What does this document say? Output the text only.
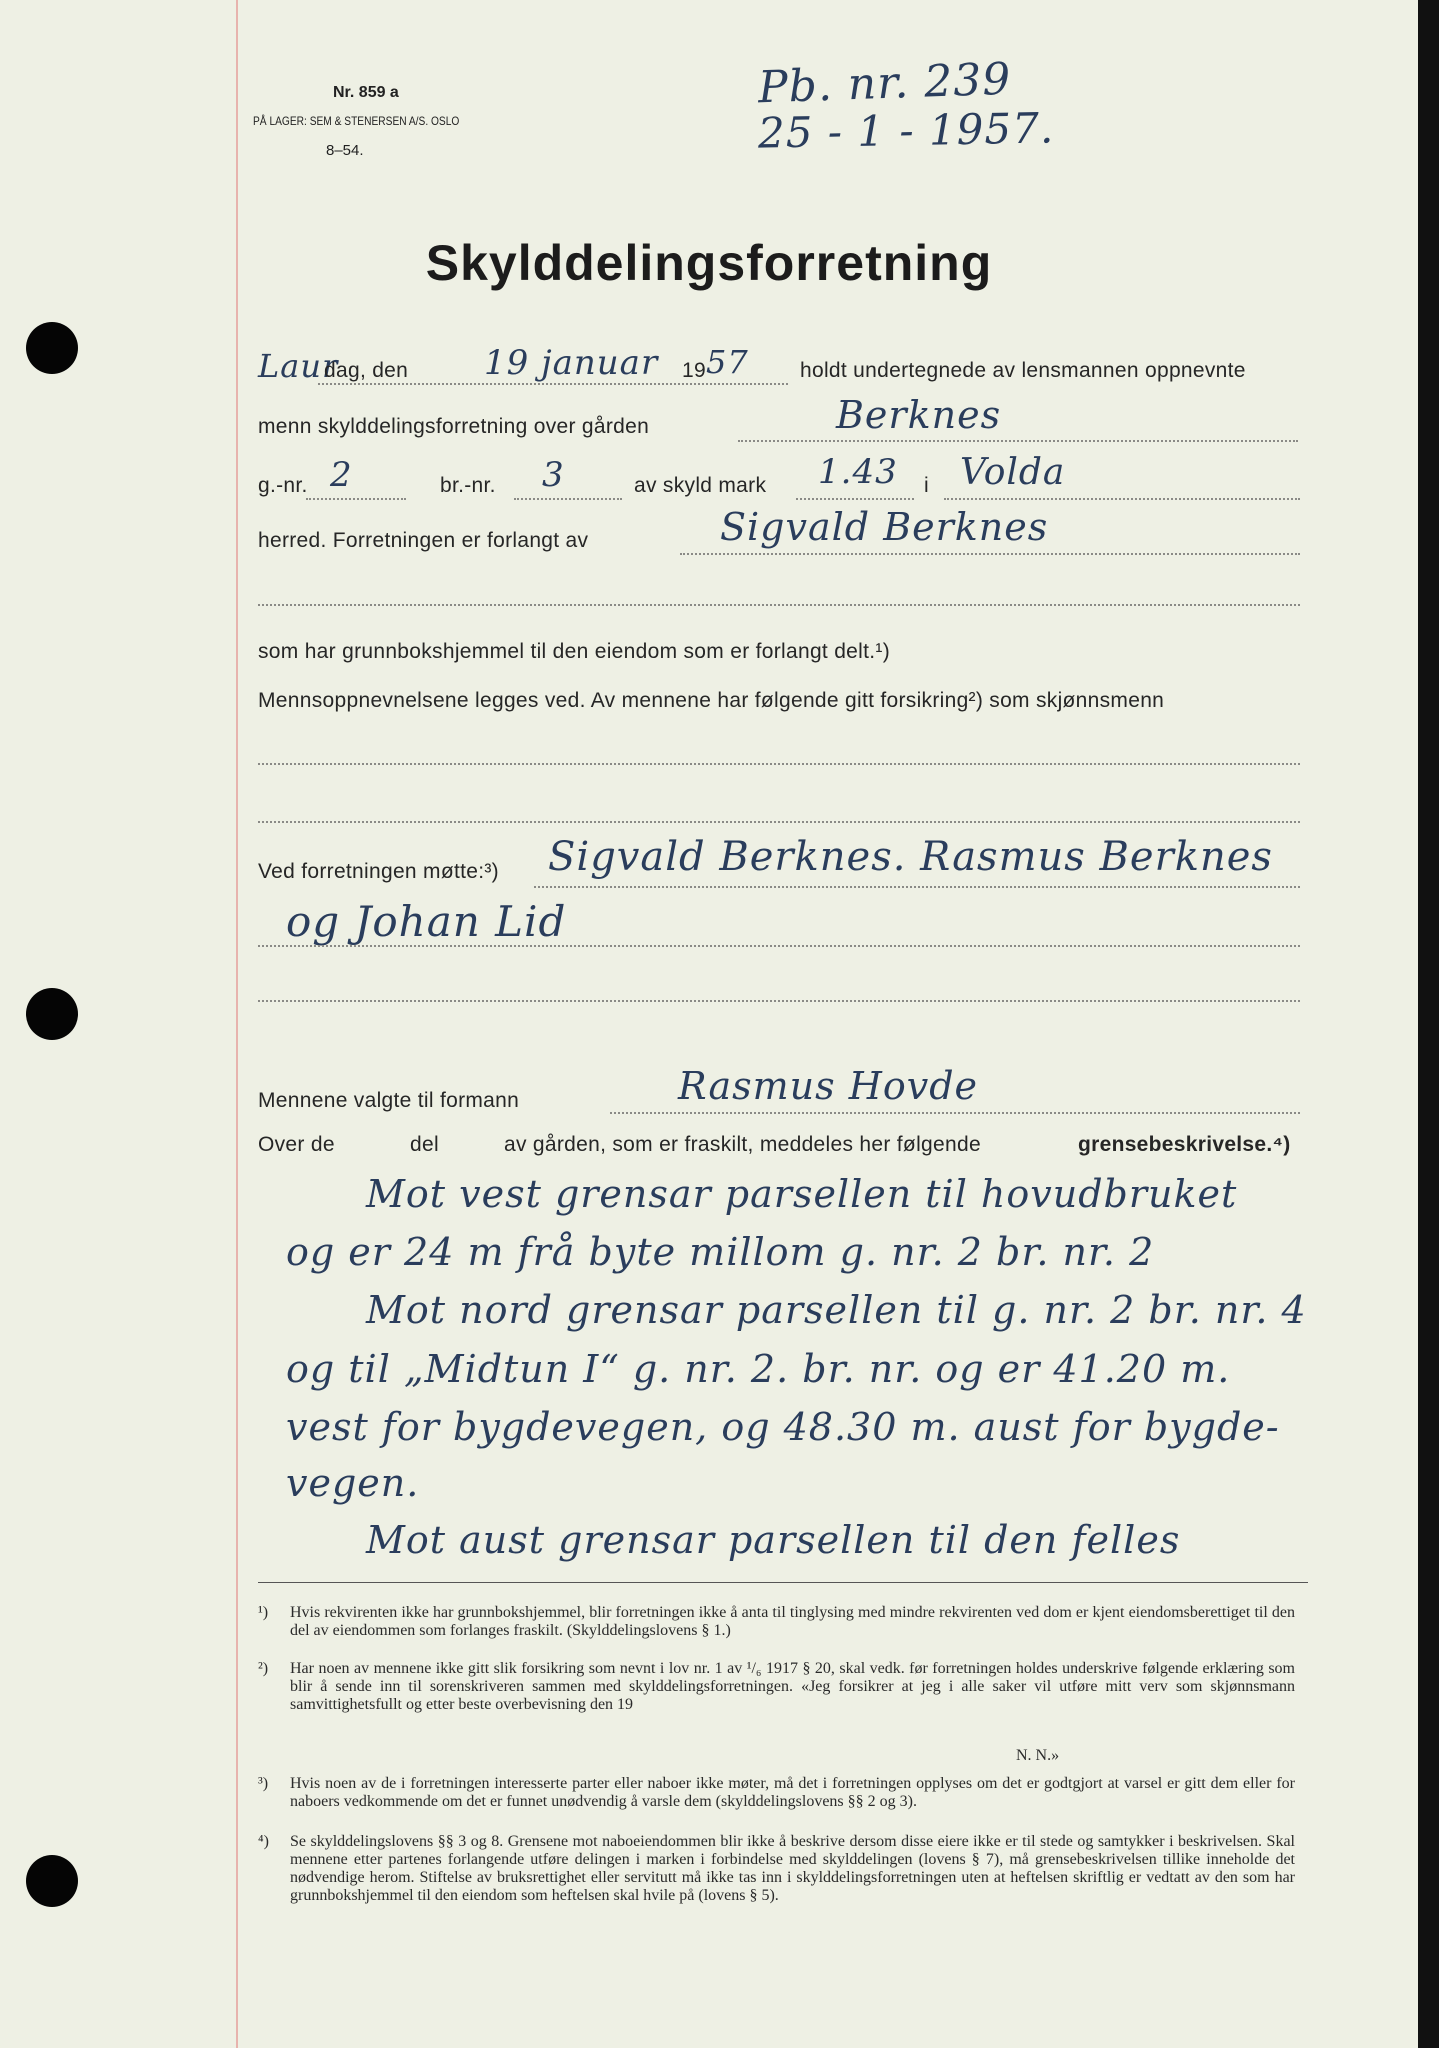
Nr. 859 a
PÅ LAGER: SEM & STENERSEN A/S. OSLO
8–54.
Pb. nr. 239
25 - 1 - 1957.
Skylddelingsforretning
Laur
dag, den 19 januar 19 57 holdt undertegnede av lensmannen oppnevnte
menn skylddelingsforretning over gården	Berknes
g.-nr. 2	br.-nr. 3	av skyld mark 1.43 i Volda
herred. Forretningen er forlangt av	Sigvald Berknes
som har grunnbokshjemmel til den eiendom som er forlangt delt.¹)
Mennsoppnevnelsene legges ved. Av mennene har følgende gitt forsikring²) som skjønnsmenn
Ved forretningen møtte:³) Sigvald Berknes. Rasmus Berknes
og Johan Lid
Mennene valgte til formann	Rasmus Hovde
Over de	del	av gården, som er fraskilt, meddeles her følgende	grensebeskrivelse.⁴)
Mot vest grensar parsellen til hovudbruket
og er 24 m frå byte millom g. nr. 2 br. nr. 2
Mot nord grensar parsellen til g. nr. 2 br. nr. 4
og til „Midtun I“ g. nr. 2. br. nr. og er 41.20 m.
vest for bygdevegen, og 48.30 m. aust for bygde-
vegen.
Mot aust grensar parsellen til den felles
¹)	Hvis rekvirenten ikke har grunnbokshjemmel, blir forretningen ikke å anta til tinglysing med mindre rekvirenten ved dom er kjent eiendomsberettiget til den del av eiendommen som forlanges fraskilt. (Skylddelingslovens § 1.)
²)	Har noen av mennene ikke gitt slik forsikring som nevnt i lov nr. 1 av ¹/₆ 1917 § 20, skal vedk. før forretningen holdes underskrive følgende erklæring som blir å sende inn til sorenskriveren sammen med skylddelingsforretningen. «Jeg forsikrer at jeg i alle saker vil utføre mitt verv som skjønnsmann samvittighetsfullt og etter beste overbevisning den 19
N. N.»
³)	Hvis noen av de i forretningen interesserte parter eller naboer ikke møter, må det i forretningen opplyses om det er godtgjort at varsel er gitt dem eller for naboers vedkommende om det er funnet unødvendig å varsle dem (skylddelingslovens §§ 2 og 3).
⁴)	Se skylddelingslovens §§ 3 og 8. Grensene mot naboeiendommen blir ikke å beskrive dersom disse eiere ikke er til stede og samtykker i beskrivelsen. Skal mennene etter partenes forlangende utføre delingen i marken i forbindelse med skylddelingen (lovens § 7), må grensebeskrivelsen tillike inneholde det nødvendige herom. Stiftelse av bruksrettighet eller servitutt må ikke tas inn i skylddelingsforretningen uten at heftelsen skriftlig er vedtatt av den som har grunnbokshjemmel til den eiendom som heftelsen skal hvile på (lovens § 5).
